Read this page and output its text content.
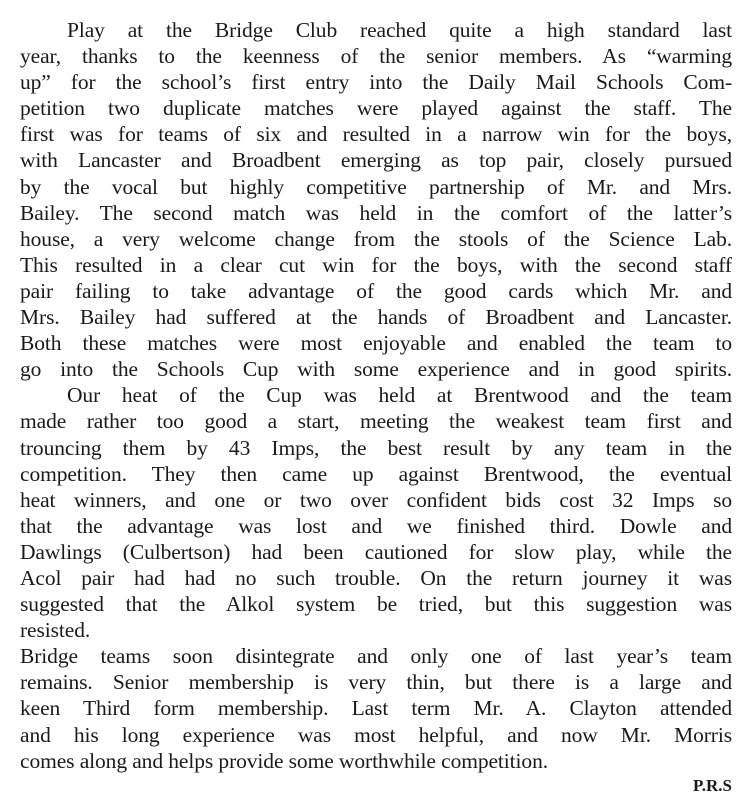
Play at the Bridge Club reached quite a high standard last
year, thanks to the keenness of the senior members. As “warming
up” for the school’s first entry into the Daily Mail Schools Com-
petition two duplicate matches were played against the staff. The
first was for teams of six and resulted in a narrow win for the boys,
with Lancaster and Broadbent emerging as top pair, closely pursued
by the vocal but highly competitive partnership of Mr. and Mrs.
Bailey. The second match was held in the comfort of the latter’s
house, a very welcome change from the stools of the Science Lab.
This resulted in a clear cut win for the boys, with the second staff
pair failing to take advantage of the good cards which Mr. and
Mrs. Bailey had suffered at the hands of Broadbent and Lancaster.
Both these matches were most enjoyable and enabled the team to
go into the Schools Cup with some experience and in good spirits.
Our heat of the Cup was held at Brentwood and the team
made rather too good a start, meeting the weakest team first and
trouncing them by 43 Imps, the best result by any team in the
competition. They then came up against Brentwood, the eventual
heat winners, and one or two over confident bids cost 32 Imps so
that the advantage was lost and we finished third. Dowle and
Dawlings (Culbertson) had been cautioned for slow play, while the
Acol pair had had no such trouble. On the return journey it was
suggested that the Alkol system be tried, but this suggestion was
resisted.
Bridge teams soon disintegrate and only one of last year’s team
remains. Senior membership is very thin, but there is a large and
keen Third form membership. Last term Mr. A. Clayton attended
and his long experience was most helpful, and now Mr. Morris
comes along and helps provide some worthwhile competition.
P.R.S
